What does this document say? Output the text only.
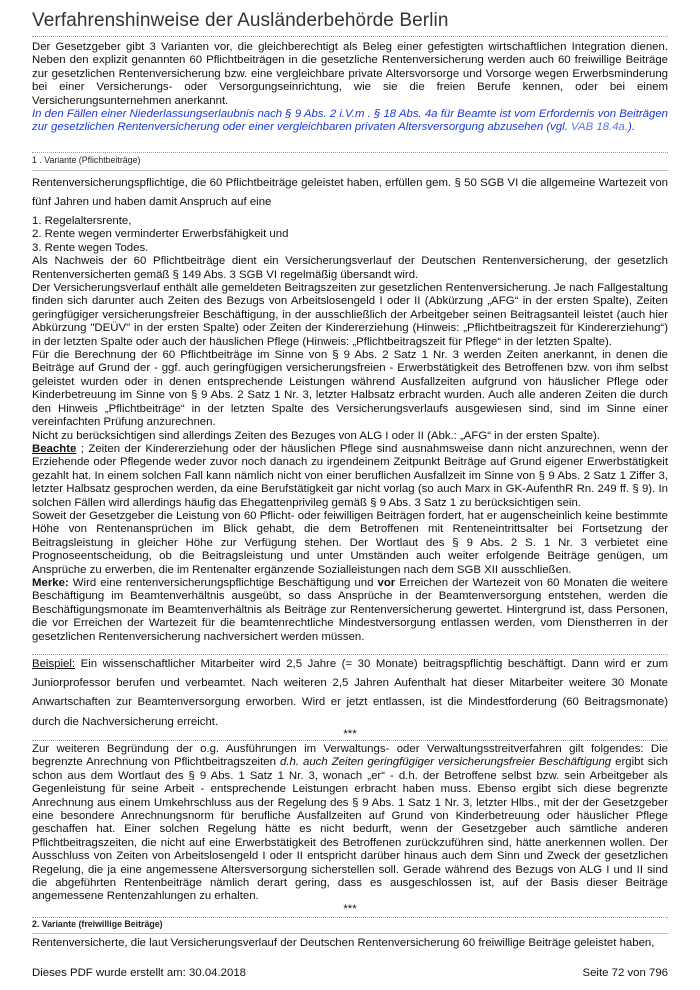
Verfahrenshinweise der Ausländerbehörde Berlin

Der Gesetzgeber gibt 3 Varianten vor, die gleichberechtigt als Beleg einer gefestigten wirtschaftlichen Integration dienen. Neben den explizit genannten 60 Pflichtbeiträgen in die gesetzliche Rentenversicherung werden auch 60 freiwillige Beiträge zur gesetzlichen Rentenversicherung bzw. eine vergleichbare private Altersvorsorge und Vorsorge wegen Erwerbsminderung bei einer Versicherungs- oder Versorgungseinrichtung, wie sie die freien Berufe kennen, oder bei einem Versicherungsunternehmen anerkannt.

In den Fällen einer Niederlassungserlaubnis nach § 9 Abs. 2 i.V.m . § 18 Abs. 4a für Beamte ist vom Erfordernis von Beiträgen zur gesetzlichen Rentenversicherung oder einer vergleichbaren privaten Altersversorgung abzusehen (vgl. VAB 18.4a.).

1 . Variante (Pflichtbeiträge)
Rentenversicherungspflichtige, die 60 Pflichtbeiträge geleistet haben, erfüllen gem. § 50 SGB VI die allgemeine Wartezeit von fünf Jahren und haben damit Anspruch auf eine

1. Regelaltersrente,

2. Rente wegen verminderter Erwerbsfähigkeit und

3. Rente wegen Todes.

Als Nachweis der 60 Pflichtbeiträge dient ein Versicherungsverlauf der Deutschen Rentenversicherung, der gesetzlich Rentenversicherten gemäß § 149 Abs. 3 SGB VI regelmäßig übersandt wird.

Der Versicherungsverlauf enthält alle gemeldeten Beitragszeiten zur gesetzlichen Rentenversicherung. Je nach Fallgestaltung finden sich darunter auch Zeiten des Bezugs von Arbeitslosengeld I oder II (Abkürzung „AFG“ in der ersten Spalte), Zeiten geringfügiger versicherungsfreier Beschäftigung, in der ausschließlich der Arbeitgeber seinen Beitragsanteil leistet (auch hier Abkürzung "DEÜV" in der ersten Spalte) oder Zeiten der Kindererziehung (Hinweis: „Pflichtbeitragszeit für Kindererziehung“) in der letzten Spalte oder auch der häuslichen Pflege (Hinweis: „Pflichtbeitragszeit für Pflege“ in der letzten Spalte).

Für die Berechnung der 60 Pflichtbeiträge im Sinne von § 9 Abs. 2 Satz 1 Nr. 3 werden Zeiten anerkannt, in denen die Beiträge auf Grund der - ggf. auch geringfügigen versicherungsfreien - Erwerbstätigkeit des Betroffenen bzw. von ihm selbst geleistet wurden oder in denen entsprechende Leistungen während Ausfallzeiten aufgrund von häuslicher Pflege oder Kinderbetreuung im Sinne von § 9 Abs. 2 Satz 1 Nr. 3, letzter Halbsatz erbracht wurden. Auch alle anderen Zeiten die durch den Hinweis „Pflichtbeiträge“ in der letzten Spalte des Versicherungsverlaufs ausgewiesen sind, sind im Sinne einer vereinfachten Prüfung anzurechnen.

Nicht zu berücksichtigen sind allerdings Zeiten des Bezuges von ALG I oder II (Abk.: „AFG“ in der ersten Spalte).

Beachte ; Zeiten der Kindererziehung oder der häuslichen Pflege sind ausnahmsweise dann nicht anzurechnen, wenn der Erziehende oder Pflegende weder zuvor noch danach zu irgendeinem Zeitpunkt Beiträge auf Grund eigener Erwerbstätigkeit gezahlt hat. In einem solchen Fall kann nämlich nicht von einer beruflichen Ausfallzeit im Sinne von § 9 Abs. 2 Satz 1 Ziffer 3, letzter Halbsatz gesprochen werden, da eine Berufstätigkeit gar nicht vorlag (so auch Marx in GK-AufenthR Rn. 249 ff. § 9). In solchen Fällen wird allerdings häufig das Ehegattenprivileg gemäß § 9 Abs. 3 Satz 1 zu berücksichtigen sein.

Soweit der Gesetzgeber die Leistung von 60 Pflicht- oder feiwilligen Beiträgen fordert, hat er augenscheinlich keine bestimmte Höhe von Rentenansprüchen im Blick gehabt, die dem Betroffenen mit Renteneintrittsalter bei Fortsetzung der Beitragsleistung in gleicher Höhe zur Verfügung stehen. Der Wortlaut des § 9 Abs. 2 S. 1 Nr. 3 verbietet eine Prognoseentscheidung, ob die Beitragsleistung und unter Umständen auch weiter erfolgende Beiträge genügen, um Ansprüche zu erwerben, die im Rentenalter ergänzende Sozialleistungen nach dem SGB XII ausschließen.

Merke: Wird eine rentenversicherungspflichtige Beschäftigung und vor Erreichen der Wartezeit von 60 Monaten die weitere Beschäftigung im Beamtenverhältnis ausgeübt, so dass Ansprüche in der Beamtenversorgung entstehen, werden die Beschäftigungsmonate im Beamtenverhältnis als Beiträge zur Rentenversicherung gewertet. Hintergrund ist, dass Personen, die vor Erreichen der Wartezeit für die beamtenrechtliche Mindestversorgung entlassen werden, vom Dienstherren in der gesetzlichen Rentenversicherung nachversichert werden müssen.

Beispiel: Ein wissenschaftlicher Mitarbeiter wird 2,5 Jahre (= 30 Monate) beitragspflichtig beschäftigt. Dann wird er zum Juniorprofessor berufen und verbeamtet. Nach weiteren 2,5 Jahren Aufenthalt hat dieser Mitarbeiter weitere 30 Monate Anwartschaften zur Beamtenversorgung erworben. Wird er jetzt entlassen, ist die Mindestforderung (60 Beitragsmonate) durch die Nachversicherung erreicht.
***
Zur weiteren Begründung der o.g. Ausführungen im Verwaltungs- oder Verwaltungsstreitverfahren gilt folgendes: Die begrenzte Anrechnung von Pflichtbeitragszeiten d.h. auch Zeiten geringfügiger versicherungsfreier Beschäftigung ergibt sich schon aus dem Wortlaut des § 9 Abs. 1 Satz 1 Nr. 3, wonach „er“ - d.h. der Betroffene selbst bzw. sein Arbeitgeber als Gegenleistung für seine Arbeit - entsprechende Leistungen erbracht haben muss. Ebenso ergibt sich diese begrenzte Anrechnung aus einem Umkehrschluss aus der Regelung des § 9 Abs. 1 Satz 1 Nr. 3, letzter Hlbs., mit der der Gesetzgeber eine besondere Anrechnungsnorm für berufliche Ausfallzeiten auf Grund von Kinderbetreuung oder häuslicher Pflege geschaffen hat. Einer solchen Regelung hätte es nicht bedurft, wenn der Gesetzgeber auch sämtliche anderen Pflichtbeitragszeiten, die nicht auf eine Erwerbstätigkeit des Betroffenen zurückzuführen sind, hätte anerkennen wollen. Der Ausschluss von Zeiten von Arbeitslosengeld I oder II entspricht darüber hinaus auch dem Sinn und Zweck der gesetzlichen Regelung, die ja eine angemessene Altersversorgung sicherstellen soll. Gerade während des Bezugs von ALG I und II sind die abgeführten Rentenbeiträge nämlich derart gering, dass es ausgeschlossen ist, auf der Basis dieser Beiträge angemessene Rentenzahlungen zu erhalten.
***
2. Variante (freiwillige Beiträge)
Rentenversicherte, die laut Versicherungsverlauf der Deutschen Rentenversicherung 60 freiwillige Beiträge geleistet haben,
Dieses PDF wurde erstellt am: 30.04.2018	Seite 72 von 796
